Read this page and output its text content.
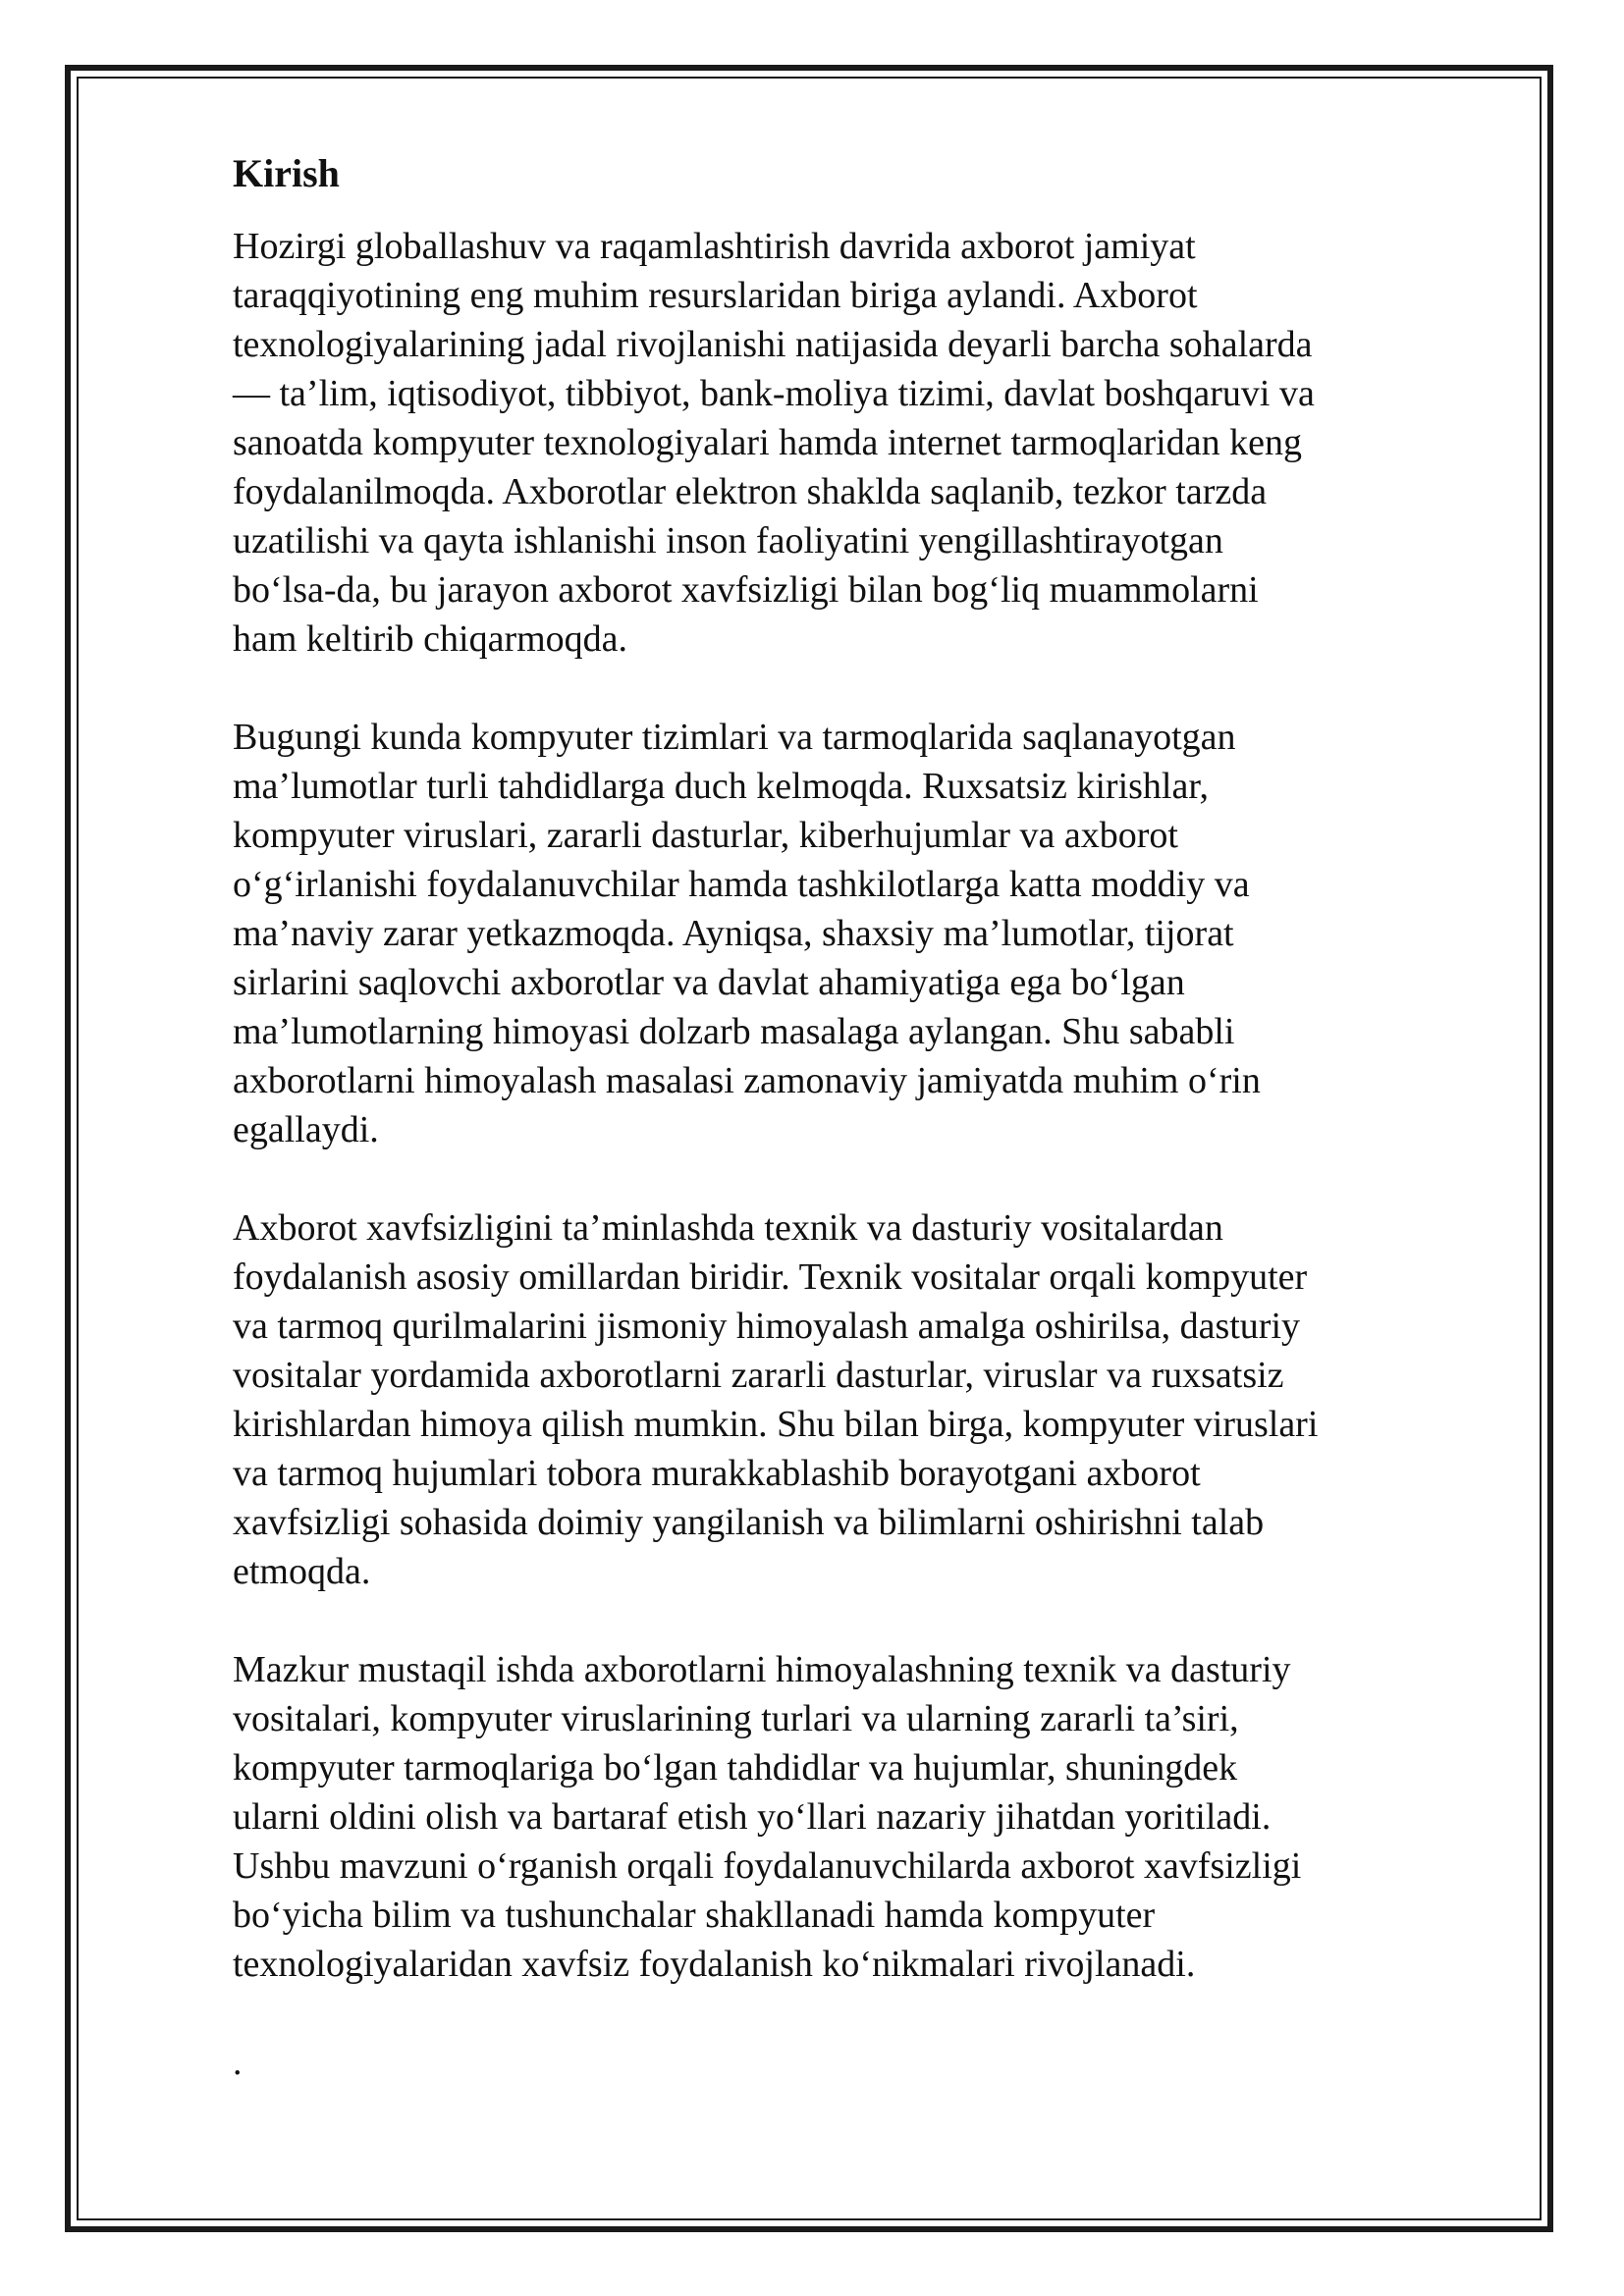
Kirish

Hozirgi globallashuv va raqamlashtirish davrida axborot jamiyat
taraqqiyotining eng muhim resurslaridan biriga aylandi. Axborot
texnologiyalarining jadal rivojlanishi natijasida deyarli barcha sohalarda
— ta’lim, iqtisodiyot, tibbiyot, bank-moliya tizimi, davlat boshqaruvi va
sanoatda kompyuter texnologiyalari hamda internet tarmoqlaridan keng
foydalanilmoqda. Axborotlar elektron shaklda saqlanib, tezkor tarzda
uzatilishi va qayta ishlanishi inson faoliyatini yengillashtirayotgan
bo‘lsa-da, bu jarayon axborot xavfsizligi bilan bog‘liq muammolarni
ham keltirib chiqarmoqda.

Bugungi kunda kompyuter tizimlari va tarmoqlarida saqlanayotgan
ma’lumotlar turli tahdidlarga duch kelmoqda. Ruxsatsiz kirishlar,
kompyuter viruslari, zararli dasturlar, kiberhujumlar va axborot
o‘g‘irlanishi foydalanuvchilar hamda tashkilotlarga katta moddiy va
ma’naviy zarar yetkazmoqda. Ayniqsa, shaxsiy ma’lumotlar, tijorat
sirlarini saqlovchi axborotlar va davlat ahamiyatiga ega bo‘lgan
ma’lumotlarning himoyasi dolzarb masalaga aylangan. Shu sababli
axborotlarni himoyalash masalasi zamonaviy jamiyatda muhim o‘rin
egallaydi.

Axborot xavfsizligini ta’minlashda texnik va dasturiy vositalardan
foydalanish asosiy omillardan biridir. Texnik vositalar orqali kompyuter
va tarmoq qurilmalarini jismoniy himoyalash amalga oshirilsa, dasturiy
vositalar yordamida axborotlarni zararli dasturlar, viruslar va ruxsatsiz
kirishlardan himoya qilish mumkin. Shu bilan birga, kompyuter viruslari
va tarmoq hujumlari tobora murakkablashib borayotgani axborot
xavfsizligi sohasida doimiy yangilanish va bilimlarni oshirishni talab
etmoqda.

Mazkur mustaqil ishda axborotlarni himoyalashning texnik va dasturiy
vositalari, kompyuter viruslarining turlari va ularning zararli ta’siri,
kompyuter tarmoqlariga bo‘lgan tahdidlar va hujumlar, shuningdek
ularni oldini olish va bartaraf etish yo‘llari nazariy jihatdan yoritiladi.
Ushbu mavzuni o‘rganish orqali foydalanuvchilarda axborot xavfsizligi
bo‘yicha bilim va tushunchalar shakllanadi hamda kompyuter
texnologiyalaridan xavfsiz foydalanish ko‘nikmalari rivojlanadi.

.
